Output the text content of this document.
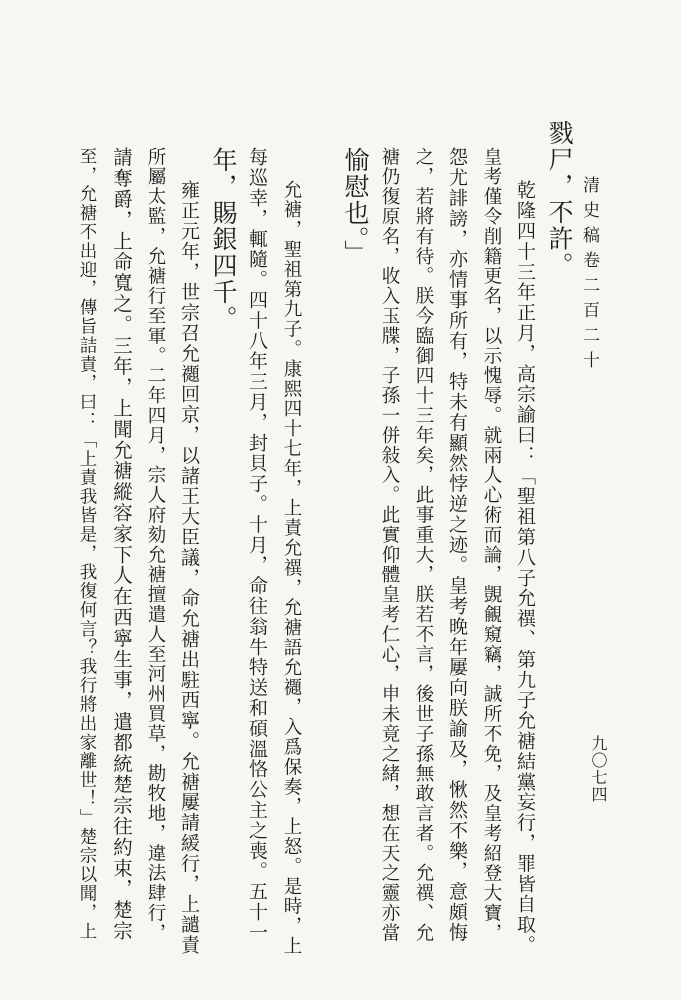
清史稿卷二百二十
九〇七四
戮尸，不許。
乾隆四十三年正月，高宗諭曰：「聖祖第八子允禩、第九子允禟結黨妄行，罪皆自取。
皇考僅令削籍更名，以示愧辱。就兩人心術而論，覬覦窺竊，誠所不免，及皇考紹登大寶，
怨尤誹謗，亦情事所有，特未有顯然悖逆之迹。皇考晚年屢向朕諭及，愀然不樂，意頗悔
之，若將有待。朕今臨御四十三年矣，此事重大，朕若不言，後世子孫無敢言者。允禩、允
禟仍復原名，收入玉牒，子孫一併敍入。此實仰體皇考仁心，申未竟之緒，想在天之靈亦當
愉慰也。」
允禟，聖祖第九子。康熙四十七年，上責允禩，允禟語允禵，入爲保奏，上怒。是時，上
每巡幸，輒隨。四十八年三月，封貝子。十月，命往翁牛特送和碩溫恪公主之喪。五十一
年，賜銀四千。
雍正元年，世宗召允禵回京，以諸王大臣議，命允禟出駐西寧。允禟屢請緩行，上譴責
所屬太監，允禟行至軍。二年四月，宗人府劾允禟擅遣人至河州買草，勘牧地，違法肆行，
請奪爵，上命寬之。三年，上聞允禟縱容家下人在西寧生事，遣都統楚宗往約束，楚宗
至，允禟不出迎，傳旨詰責，曰：「上責我皆是，我復何言？我行將出家離世！」楚宗以聞，上
